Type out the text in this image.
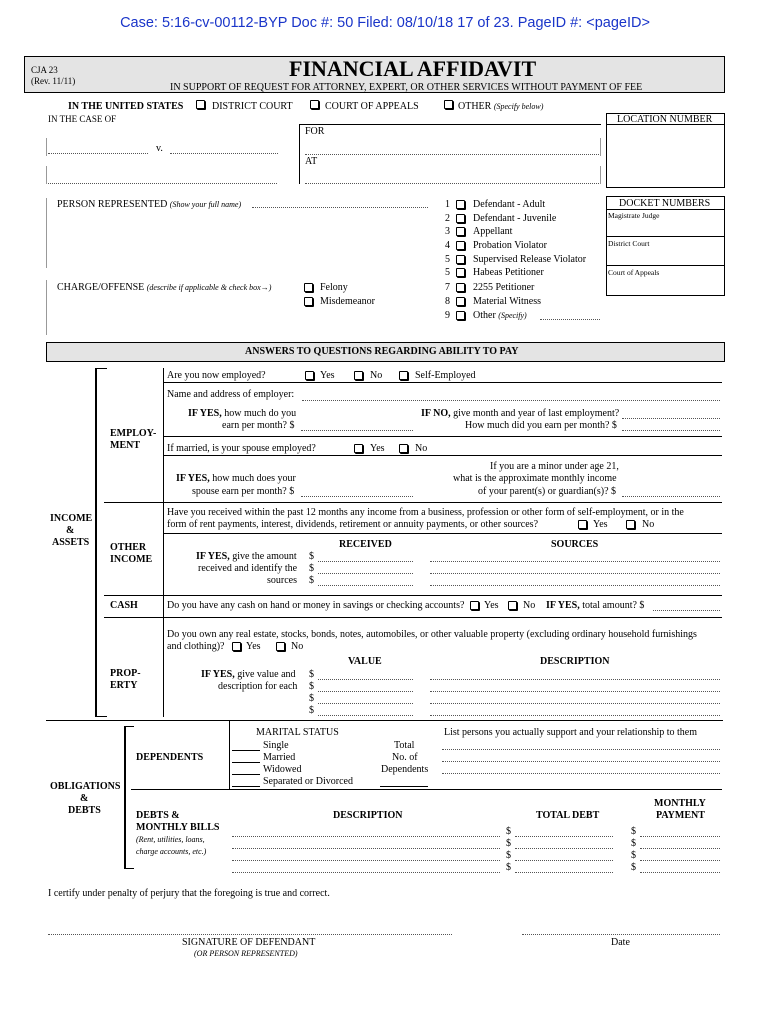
Case: 5:16-cv-00112-BYP Doc #: 50 Filed: 08/10/18 17 of 23. PageID #: <pageID>
CJA 23
(Rev. 11/11)	FINANCIAL AFFIDAVIT
IN SUPPORT OF REQUEST FOR ATTORNEY, EXPERT, OR OTHER SERVICES WITHOUT PAYMENT OF FEE
IN THE UNITED STATES	DISTRICT COURT	COURT OF APPEALS	OTHER (Specify below)
IN THE CASE OF
FOR
AT
v.
LOCATION NUMBER
PERSON REPRESENTED (Show your full name)
CHARGE/OFFENSE (describe if applicable & check box→)	Felony
Misdemeanor
1 Defendant - Adult
2 Defendant - Juvenile
3 Appellant
4 Probation Violator
5 Supervised Release Violator
5 Habeas Petitioner
7 2255 Petitioner
8 Material Witness
9 Other (Specify)
DOCKET NUMBERS
Magistrate Judge
District Court
Court of Appeals
ANSWERS TO QUESTIONS REGARDING ABILITY TO PAY
INCOME
&
ASSETS
EMPLOY-
MENT
Are you now employed?	Yes	No	Self-Employed
Name and address of employer:
IF YES, how much do you
earn per month? $
IF NO, give month and year of last employment?
How much did you earn per month? $
If married, is your spouse employed?	Yes	No
IF YES, how much does your
spouse earn per month? $
If you are a minor under age 21,
what is the approximate monthly income
of your parent(s) or guardian(s)? $
OTHER
INCOME
Have you received within the past 12 months any income from a business, profession or other form of self-employment, or in the
form of rent payments, interest, dividends, retirement or annuity payments, or other sources?	Yes	No
RECEIVED	SOURCES
IF YES, give the amount
received and identify the
sources
$
$
$
CASH	Do you have any cash on hand or money in savings or checking accounts? Yes No IF YES, total amount? $
PROP-
ERTY
Do you own any real estate, stocks, bonds, notes, automobiles, or other valuable property (excluding ordinary household furnishings
and clothing)? Yes	No
VALUE	DESCRIPTION
IF YES, give value and
description for each
$
$
$
$
OBLIGATIONS
&
DEBTS
DEPENDENTS
MARITAL STATUS
Single
Married
Widowed
Separated or Divorced
Total
No. of
Dependents
List persons you actually support and your relationship to them
DEBTS &
MONTHLY BILLS
(Rent, utilities, loans,
charge accounts, etc.)
DESCRIPTION	TOTAL DEBT
MONTHLY
PAYMENT
$	$
$	$
$	$
$	$
I certify under penalty of perjury that the foregoing is true and correct.
SIGNATURE OF DEFENDANT
(OR PERSON REPRESENTED)
Date
